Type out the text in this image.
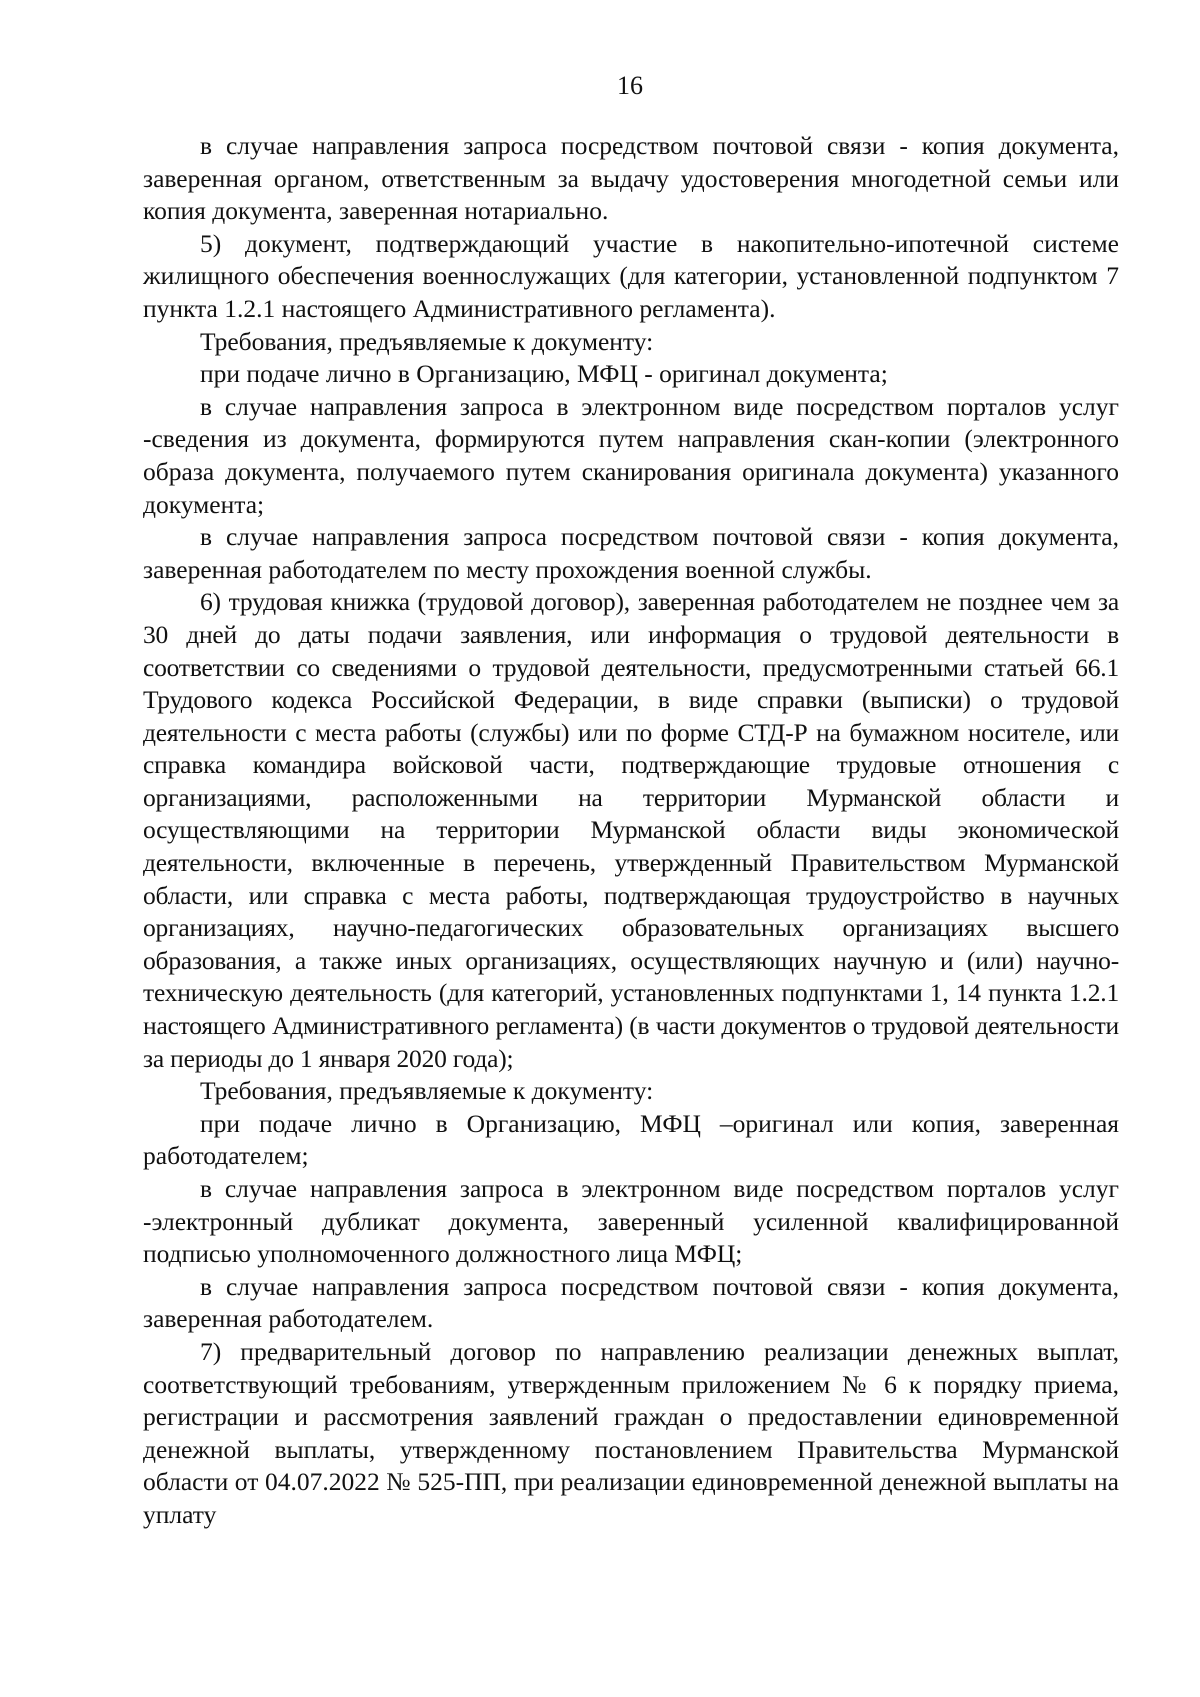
16

в случае направления запроса посредством почтовой связи - копия документа, заверенная органом, ответственным за выдачу удостоверения многодетной семьи или копия документа, заверенная нотариально.

5) документ, подтверждающий участие в накопительно-ипотечной системе жилищного обеспечения военнослужащих (для категории, установленной подпунктом 7 пункта 1.2.1 настоящего Административного регламента).

Требования, предъявляемые к документу:

при подаче лично в Организацию, МФЦ - оригинал документа;

в случае направления запроса в электронном виде посредством порталов услуг -сведения из документа, формируются путем направления скан-копии (электронного образа документа, получаемого путем сканирования оригинала документа) указанного документа;

в случае направления запроса посредством почтовой связи - копия документа, заверенная работодателем по месту прохождения военной службы.

6) трудовая книжка (трудовой договор), заверенная работодателем не позднее чем за 30 дней до даты подачи заявления, или информация о трудовой деятельности в соответствии со сведениями о трудовой деятельности, предусмотренными статьей 66.1 Трудового кодекса Российской Федерации, в виде справки (выписки) о трудовой деятельности с места работы (службы) или по форме СТД-Р на бумажном носителе, или справка командира войсковой части, подтверждающие трудовые отношения с организациями, расположенными на территории Мурманской области и осуществляющими на территории Мурманской области виды экономической деятельности, включенные в перечень, утвержденный Правительством Мурманской области, или справка с места работы, подтверждающая трудоустройство в научных организациях, научно-педагогических образовательных организациях высшего образования, а также иных организациях, осуществляющих научную и (или) научно-техническую деятельность (для категорий, установленных подпунктами 1, 14 пункта 1.2.1 настоящего Административного регламента) (в части документов о трудовой деятельности за периоды до 1 января 2020 года);

Требования, предъявляемые к документу:

при подаче лично в Организацию, МФЦ –оригинал или копия, заверенная работодателем;

в случае направления запроса в электронном виде посредством порталов услуг -электронный дубликат документа, заверенный усиленной квалифицированной подписью уполномоченного должностного лица МФЦ;

в случае направления запроса посредством почтовой связи - копия документа, заверенная работодателем.

7) предварительный договор по направлению реализации денежных выплат, соответствующий требованиям, утвержденным приложением № 6 к порядку приема, регистрации и рассмотрения заявлений граждан о предоставлении единовременной денежной выплаты, утвержденному постановлением Правительства Мурманской области от 04.07.2022 № 525-ПП, при реализации единовременной денежной выплаты на уплату
